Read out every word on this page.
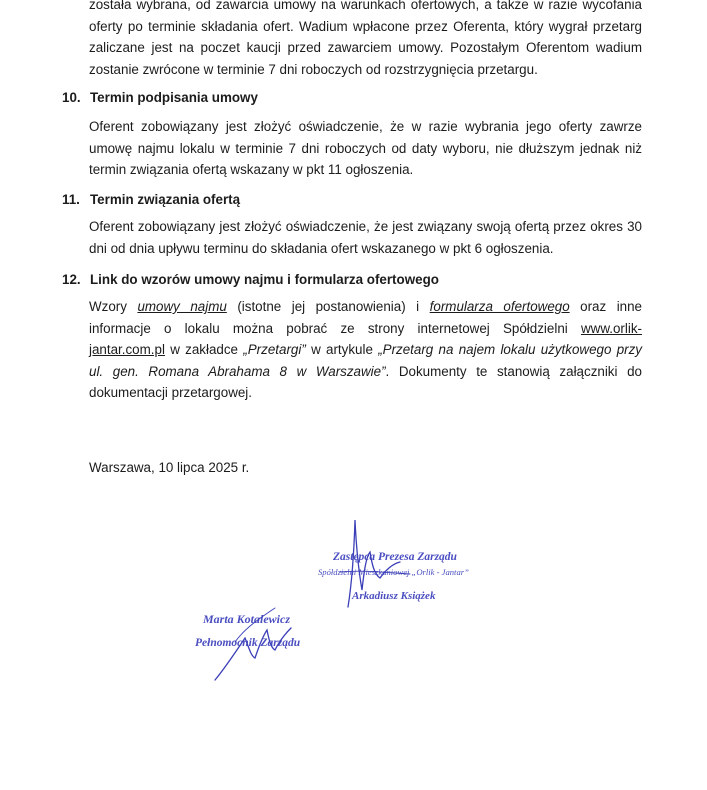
została wybrana, od zawarcia umowy na warunkach ofertowych, a także w razie wycofania
oferty po terminie składania ofert. Wadium wpłacone przez Oferenta, który wygrał przetarg
zaliczane jest na poczet kaucji przed zawarciem umowy. Pozostałym Oferentom wadium
zostanie zwrócone w terminie 7 dni roboczych od rozstrzygnięcia przetargu.
10. Termin podpisania umowy
Oferent zobowiązany jest złożyć oświadczenie, że w razie wybrania jego oferty zawrze
umowę najmu lokalu w terminie 7 dni roboczych od daty wyboru, nie dłuższym jednak niż
termin związania ofertą wskazany w pkt 11 ogłoszenia.
11. Termin związania ofertą
Oferent zobowiązany jest złożyć oświadczenie, że jest związany swoją ofertą przez okres 30
dni od dnia upływu terminu do składania ofert wskazanego w pkt 6 ogłoszenia.
12. Link do wzorów umowy najmu i formularza ofertowego
Wzory umowy najmu (istotne jej postanowienia) i formularza ofertowego oraz inne
informacje o lokalu można pobrać ze strony internetowej Spółdzielni www.orlik-
jantar.com.pl w zakładce „Przetargi” w artykule „Przetarg na najem lokalu użytkowego przy
ul. gen. Romana Abrahama 8 w Warszawie”. Dokumenty te stanowią załączniki do
dokumentacji przetargowej.
Warszawa, 10 lipca 2025 r.
Zastępca Prezesa Zarządu
Spółdzielni Mieszkaniowej „Orlik - Jantar”
Arkadiusz Książek
Marta Kotalewicz
Pełnomocnik Zarządu
